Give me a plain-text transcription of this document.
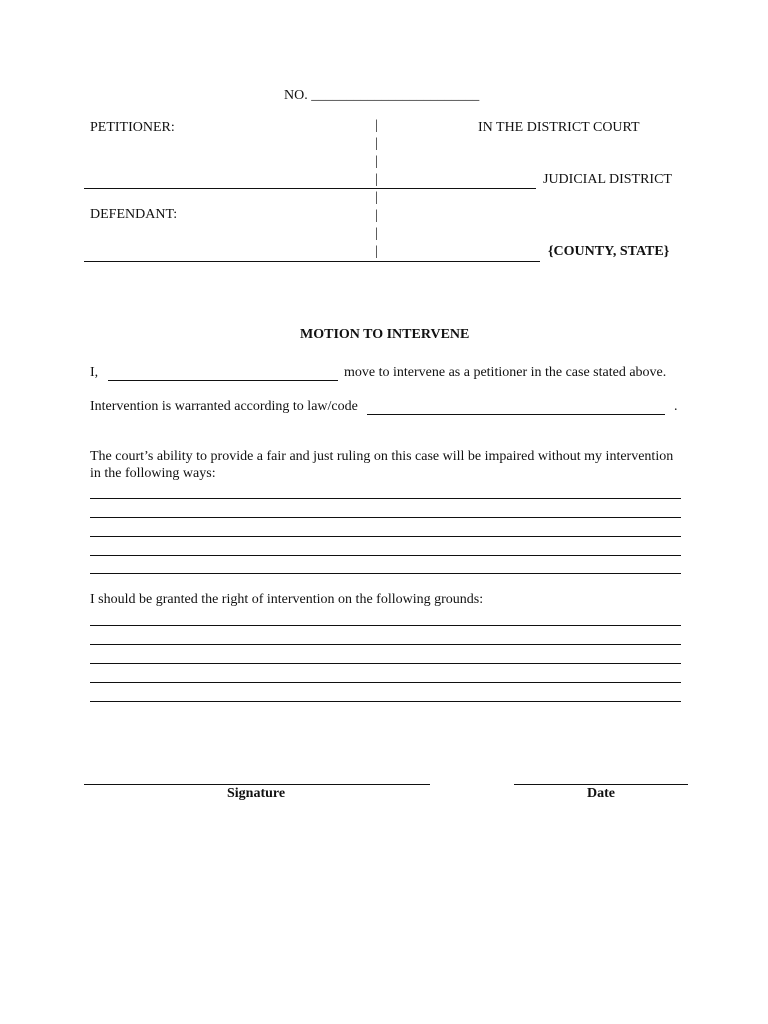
NO. ________________________
PETITIONER:	IN THE DISTRICT COURT
|
|
|
|	JUDICIAL DISTRICT
DEFENDANT:
|
|
|
|	{COUNTY, STATE}
MOTION TO INTERVENE
I,	move to intervene as a petitioner in the case stated above.
Intervention is warranted according to law/code	.
The court’s ability to provide a fair and just ruling on this case will be impaired without my intervention
in the following ways:
I should be granted the right of intervention on the following grounds:
Signature	Date
